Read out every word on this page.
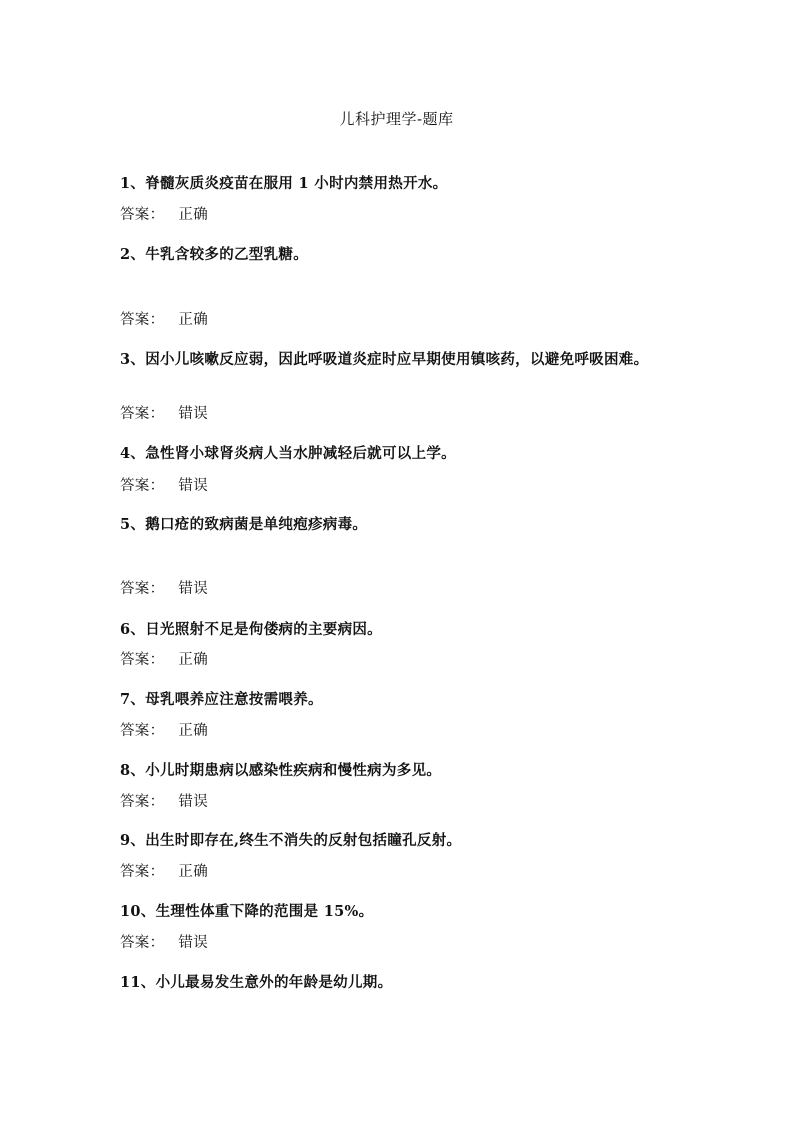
儿科护理学-题库
1、脊髓灰质炎疫苗在服用 1 小时内禁用热开水。
答案： 正确
2、牛乳含较多的乙型乳糖。
答案： 正确
3、因小儿咳嗽反应弱，因此呼吸道炎症时应早期使用镇咳药，以避免呼吸困难。
答案： 错误
4、急性肾小球肾炎病人当水肿减轻后就可以上学。
答案： 错误
5、鹅口疮的致病菌是单纯疱疹病毒。
答案： 错误
6、日光照射不足是佝偻病的主要病因。
答案： 正确
7、母乳喂养应注意按需喂养。
答案： 正确
8、小儿时期患病以感染性疾病和慢性病为多见。
答案： 错误
9、出生时即存在,终生不消失的反射包括瞳孔反射。
答案： 正确
10、生理性体重下降的范围是 15%。
答案： 错误
11、小儿最易发生意外的年龄是幼儿期。
